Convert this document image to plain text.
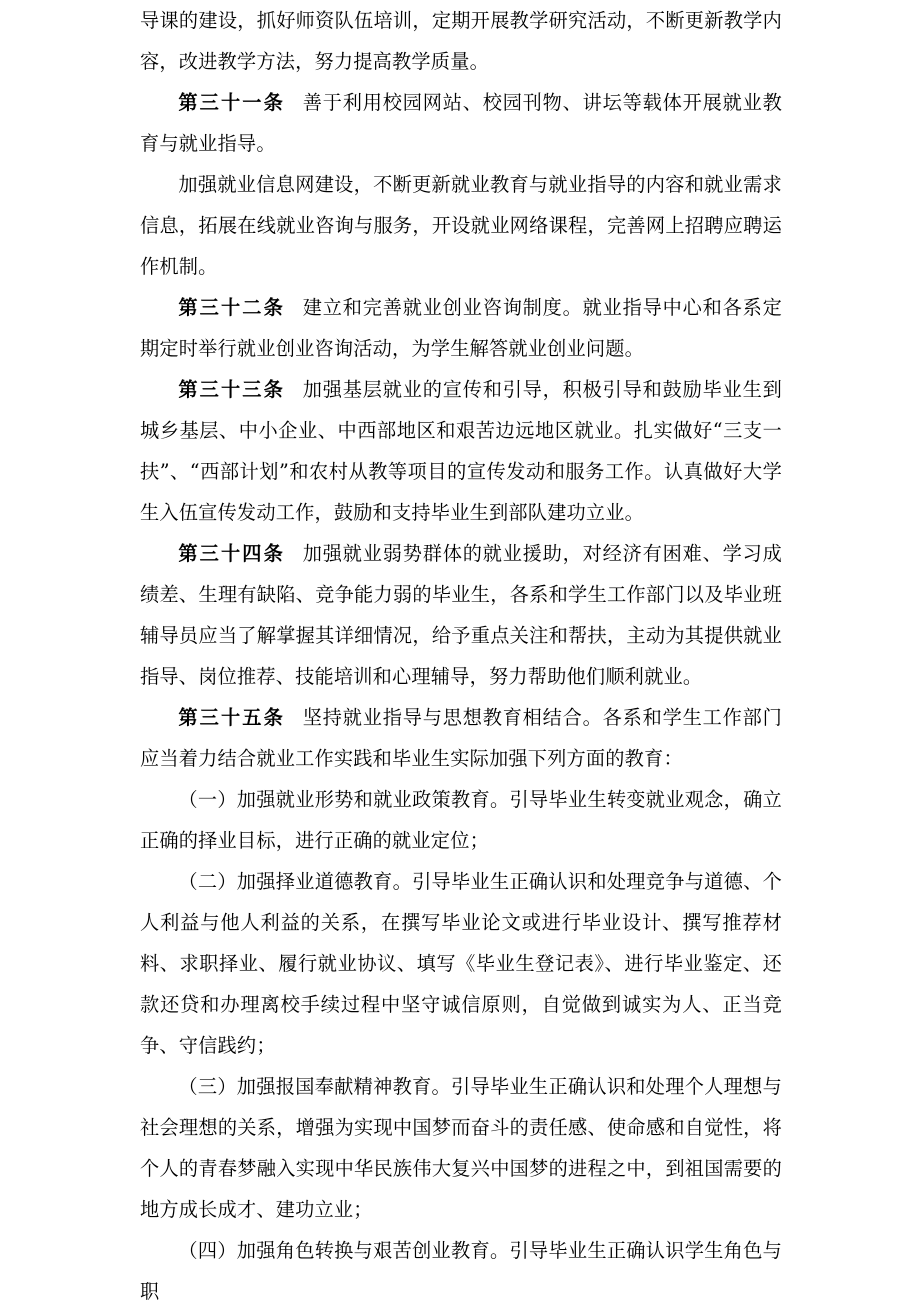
导课的建设，抓好师资队伍培训，定期开展教学研究活动，不断更新教学内容，改进教学方法，努力提高教学质量。

第三十一条 善于利用校园网站、校园刊物、讲坛等载体开展就业教育与就业指导。

加强就业信息网建设，不断更新就业教育与就业指导的内容和就业需求信息，拓展在线就业咨询与服务，开设就业网络课程，完善网上招聘应聘运作机制。

第三十二条 建立和完善就业创业咨询制度。就业指导中心和各系定期定时举行就业创业咨询活动，为学生解答就业创业问题。

第三十三条 加强基层就业的宣传和引导，积极引导和鼓励毕业生到城乡基层、中小企业、中西部地区和艰苦边远地区就业。扎实做好“三支一扶”、“西部计划”和农村从教等项目的宣传发动和服务工作。认真做好大学生入伍宣传发动工作，鼓励和支持毕业生到部队建功立业。

第三十四条 加强就业弱势群体的就业援助，对经济有困难、学习成绩差、生理有缺陷、竞争能力弱的毕业生，各系和学生工作部门以及毕业班辅导员应当了解掌握其详细情况，给予重点关注和帮扶，主动为其提供就业指导、岗位推荐、技能培训和心理辅导，努力帮助他们顺利就业。

第三十五条 坚持就业指导与思想教育相结合。各系和学生工作部门应当着力结合就业工作实践和毕业生实际加强下列方面的教育：

（一）加强就业形势和就业政策教育。引导毕业生转变就业观念，确立正确的择业目标，进行正确的就业定位；

（二）加强择业道德教育。引导毕业生正确认识和处理竞争与道德、个人利益与他人利益的关系，在撰写毕业论文或进行毕业设计、撰写推荐材料、求职择业、履行就业协议、填写《毕业生登记表》、进行毕业鉴定、还款还贷和办理离校手续过程中坚守诚信原则，自觉做到诚实为人、正当竞争、守信践约；

（三）加强报国奉献精神教育。引导毕业生正确认识和处理个人理想与社会理想的关系，增强为实现中国梦而奋斗的责任感、使命感和自觉性，将个人的青春梦融入实现中华民族伟大复兴中国梦的进程之中，到祖国需要的地方成长成才、建功立业；

（四）加强角色转换与艰苦创业教育。引导毕业生正确认识学生角色与职
